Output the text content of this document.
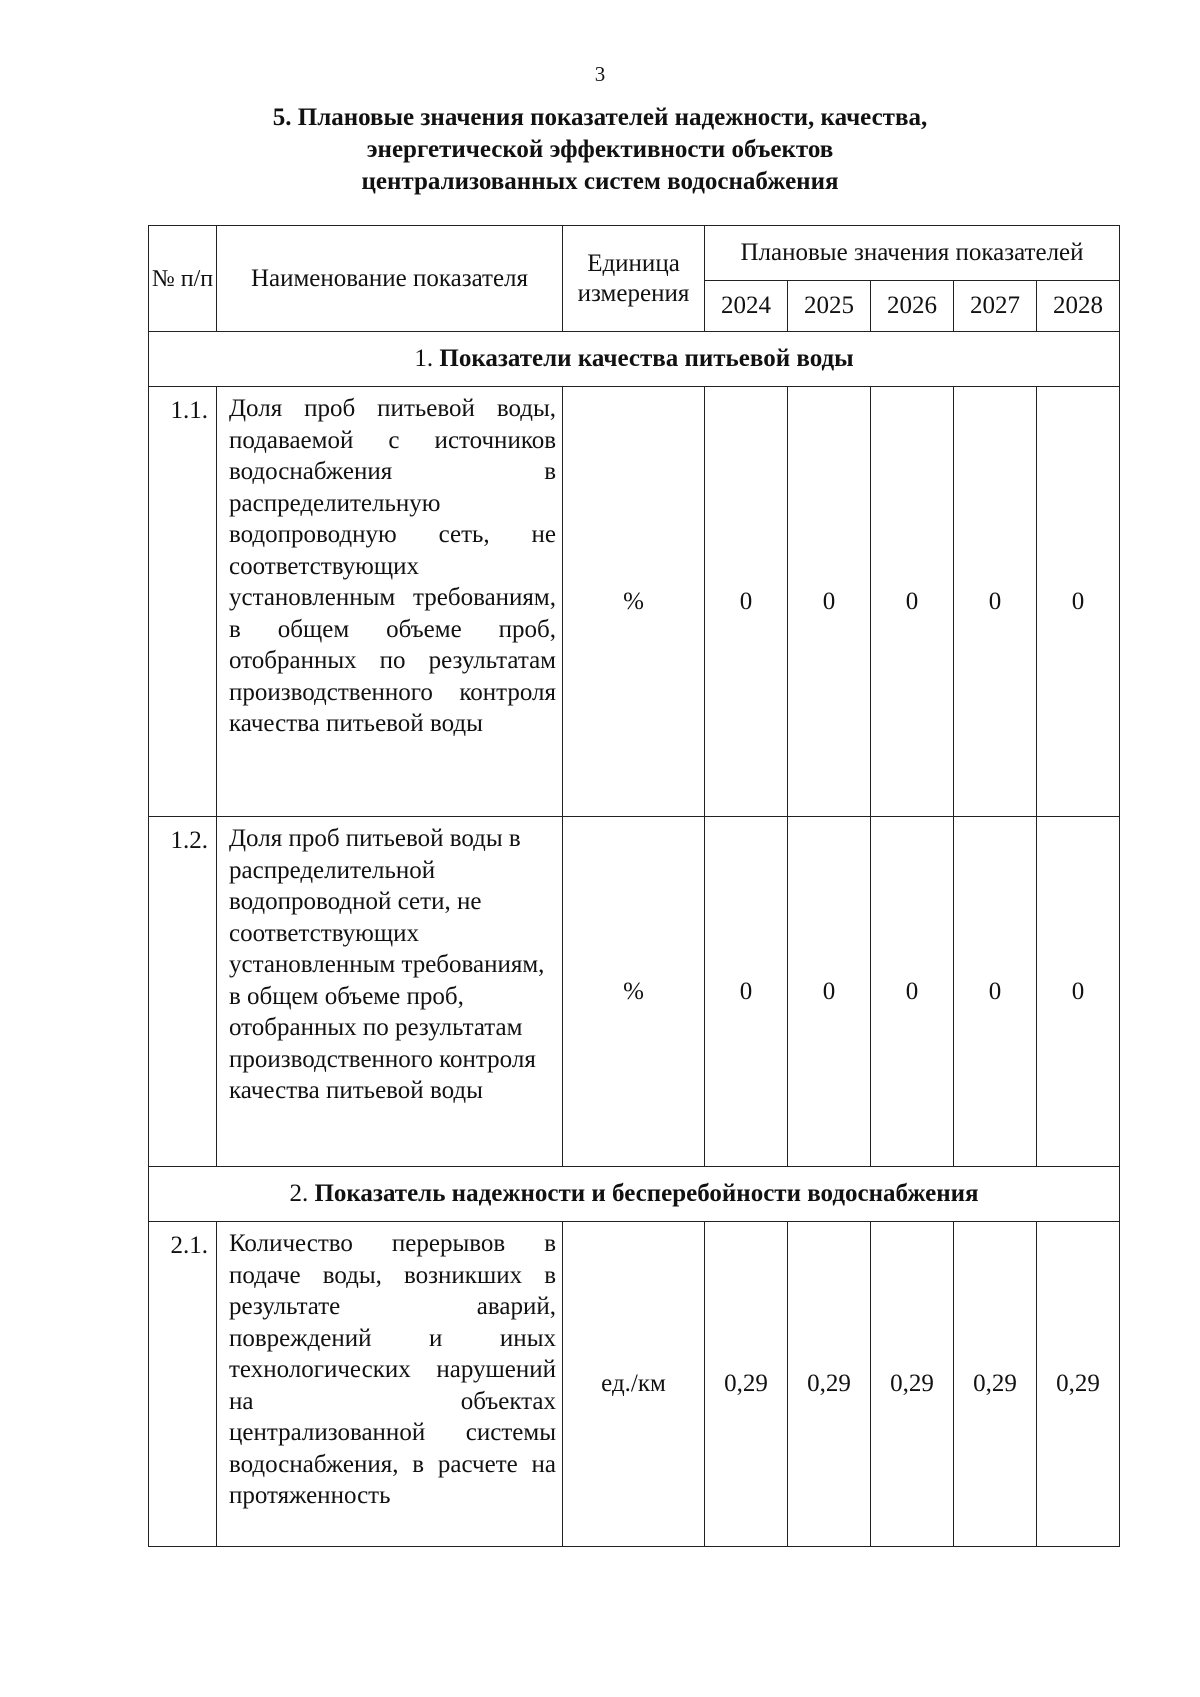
3
5. Плановые значения показателей надежности, качества,
энергетической эффективности объектов
централизованных систем водоснабжения
№ п/п	Наименование показателя	Единица измерения	Плановые значения показателей				
			2024	2025	2026	2027	2028
1. Показатели качества питьевой воды							
1.1.	Доля проб питьевой воды, подаваемой с источников водоснабжения в распределительную водопроводную сеть, не соответствующих установленным требованиям, в общем объеме проб, отобранных по результатам производственного контроля качества питьевой воды	%	0	0	0	0	0
1.2.	Доля проб питьевой воды в распределительной водопроводной сети, не соответствующих установленным требованиям, в общем объеме проб, отобранных по результатам производственного контроля качества питьевой воды	%	0	0	0	0	0
2. Показатель надежности и бесперебойности водоснабжения							
2.1.	Количество перерывов в подаче воды, возникших в результате аварий, повреждений и иных технологических нарушений на объектах централизованной системы водоснабжения, в расчете на протяженность	ед./км	0,29	0,29	0,29	0,29	0,29
